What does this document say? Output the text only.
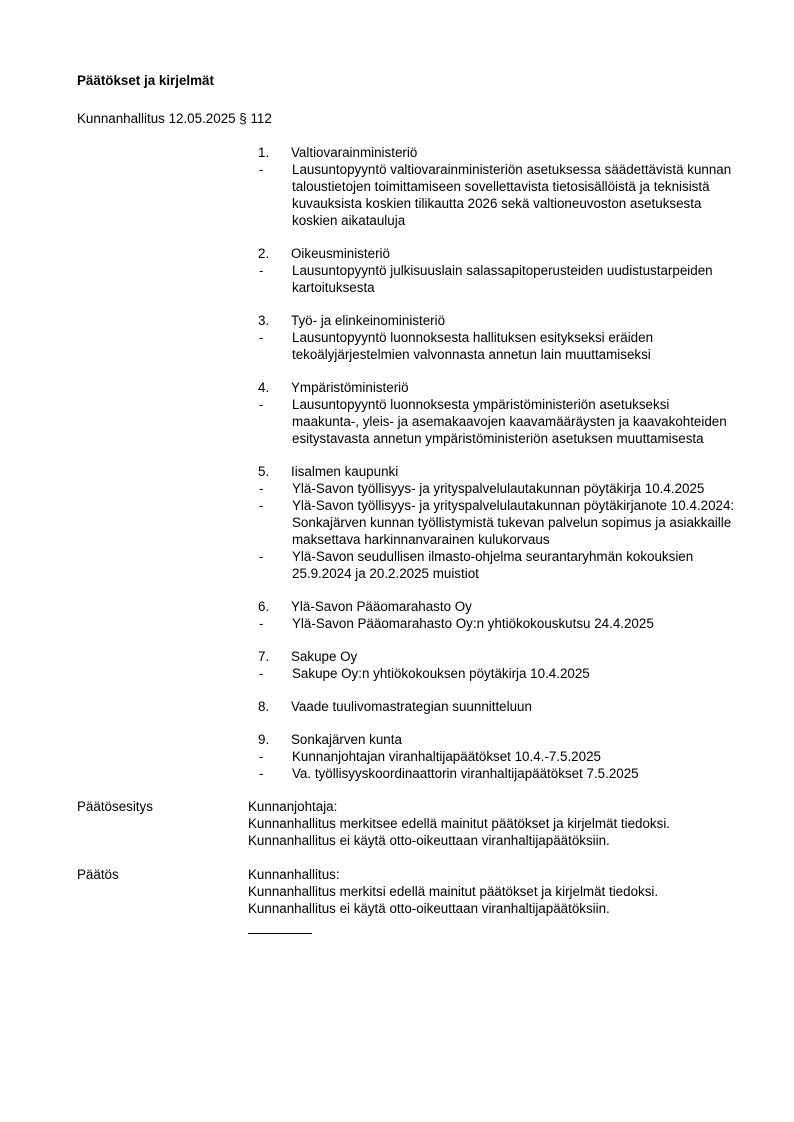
Päätökset ja kirjelmät
Kunnanhallitus 12.05.2025 § 112
1.	Valtiovarainministeriö
-	Lausuntopyyntö valtiovarainministeriön asetuksessa säädettävistä kunnan taloustietojen toimittamiseen sovellettavista tietosisällöistä ja teknisistä kuvauksista koskien tilikautta 2026 sekä valtioneuvoston asetuksesta koskien aikatauluja
2.	Oikeusministeriö
-	Lausuntopyyntö julkisuuslain salassapitoperusteiden uudistustarpeiden kartoituksesta
3.	Työ- ja elinkeinoministeriö
-	Lausuntopyyntö luonnoksesta hallituksen esitykseksi eräiden tekoälyjärjestelmien valvonnasta annetun lain muuttamiseksi
4.	Ympäristöministeriö
-	Lausuntopyyntö luonnoksesta ympäristöministeriön asetukseksi maakunta-, yleis- ja asemakaavojen kaavamääräysten ja kaavakohteiden esitystavasta annetun ympäristöministeriön asetuksen muuttamisesta
5.	Iisalmen kaupunki
-	Ylä-Savon työllisyys- ja yrityspalvelulautakunnan pöytäkirja 10.4.2025
-	Ylä-Savon työllisyys- ja yrityspalvelulautakunnan pöytäkirjanote 10.4.2024: Sonkajärven kunnan työllistymistä tukevan palvelun sopimus ja asiakkaille maksettava harkinnanvarainen kulukorvaus
-	Ylä-Savon seudullisen ilmasto-ohjelma seurantaryhmän kokouksien 25.9.2024 ja 20.2.2025 muistiot
6.	Ylä-Savon Pääomarahasto Oy
-	Ylä-Savon Pääomarahasto Oy:n yhtiökokouskutsu 24.4.2025
7.	Sakupe Oy
-	Sakupe Oy:n yhtiökokouksen pöytäkirja 10.4.2025
8.	Vaade tuulivomastrategian suunnitteluun
9.	Sonkajärven kunta
-	Kunnanjohtajan viranhaltijapäätökset 10.4.-7.5.2025
-	Va. työllisyyskoordinaattorin viranhaltijapäätökset 7.5.2025
Päätösesitys	Kunnanjohtaja:
Kunnanhallitus merkitsee edellä mainitut päätökset ja kirjelmät tiedoksi.
Kunnanhallitus ei käytä otto-oikeuttaan viranhaltijapäätöksiin.
Päätös	Kunnanhallitus:
Kunnanhallitus merkitsi edellä mainitut päätökset ja kirjelmät tiedoksi.
Kunnanhallitus ei käytä otto-oikeuttaan viranhaltijapäätöksiin.
